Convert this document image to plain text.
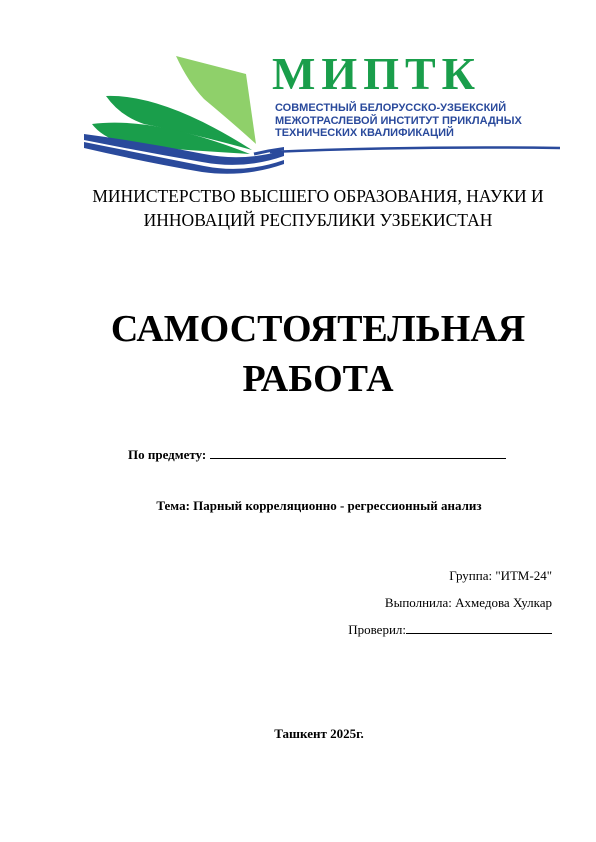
МИПТК
СОВМЕСТНЫЙ БЕЛОРУССКО-УЗБЕКСКИЙ
МЕЖОТРАСЛЕВОЙ ИНСТИТУТ ПРИКЛАДНЫХ
ТЕХНИЧЕСКИХ КВАЛИФИКАЦИЙ
МИНИСТЕРСТВО ВЫСШЕГО ОБРАЗОВАНИЯ, НАУКИ И
ИННОВАЦИЙ РЕСПУБЛИКИ УЗБЕКИСТАН
САМОСТОЯТЕЛЬНАЯ
РАБОТА
По предмету:
Тема: Парный корреляционно - регрессионный анализ
Группа: "ИТМ-24"
Выполнила: Ахмедова Хулкар
Проверил:
Ташкент 2025г.
